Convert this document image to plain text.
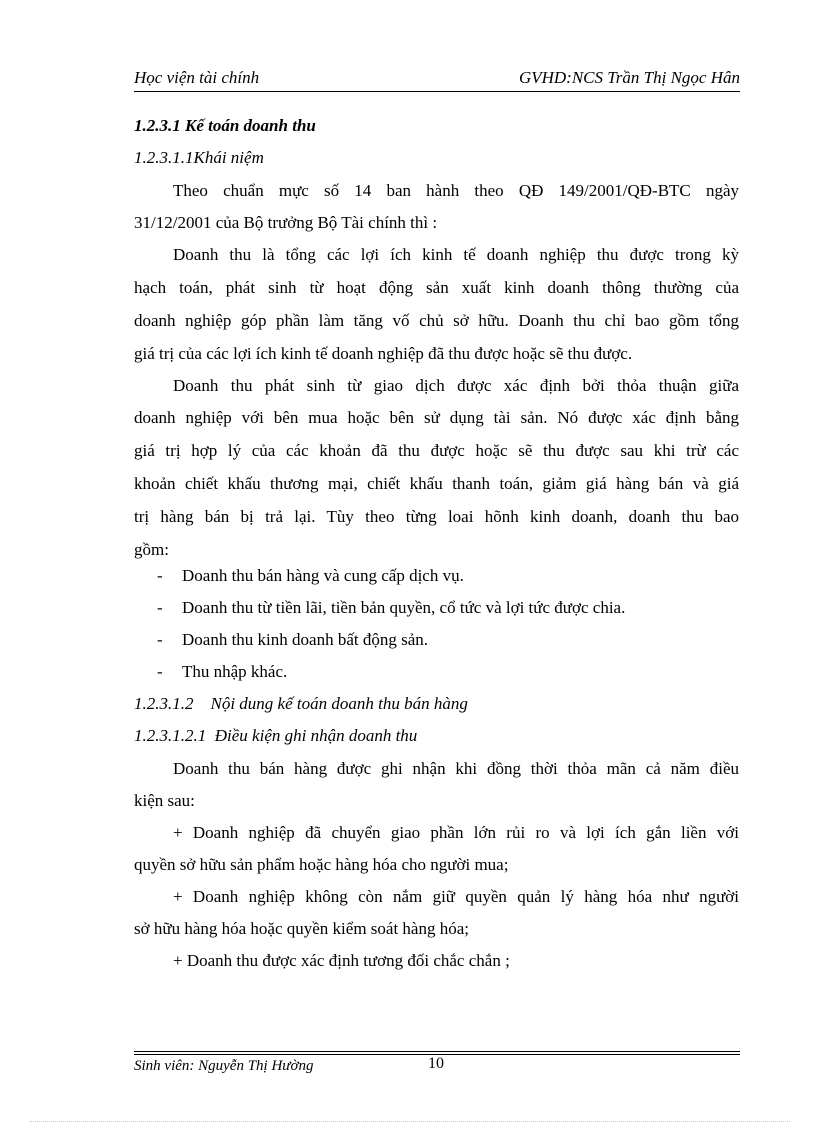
Học viện tài chính	GVHD:NCS Trần Thị Ngọc Hân
1.2.3.1 Kế toán doanh thu
1.2.3.1.1Khái niệm
Theo chuẩn mực số 14 ban hành theo QĐ 149/2001/QĐ-BTC ngày
31/12/2001 của Bộ trưởng Bộ Tài chính thì :
Doanh thu là tổng các lợi ích kinh tế doanh nghiệp thu được trong kỳ
hạch toán, phát sinh từ hoạt động sản xuất kinh doanh thông thường của
doanh nghiệp góp phần làm tăng vố chủ sở hữu. Doanh thu chỉ bao gồm tổng
giá trị của các lợi ích kinh tế doanh nghiệp đã thu được hoặc sẽ thu được.
Doanh thu phát sinh từ giao dịch được xác định bởi thỏa thuận giữa
doanh nghiệp với bên mua hoặc bên sử dụng tài sản. Nó được xác định bằng
giá trị hợp lý của các khoản đã thu được hoặc sẽ thu được sau khi trừ các
khoản chiết khấu thương mại, chiết khấu thanh toán, giảm giá hàng bán và giá
trị hàng bán bị trả lại. Tùy theo từng loai hõnh kinh doanh, doanh thu bao
gồm:
- Doanh thu bán hàng và cung cấp dịch vụ.
- Doanh thu từ tiền lãi, tiền bản quyền, cổ tức và lợi tức được chia.
- Doanh thu kinh doanh bất động sản.
- Thu nhập khác.
1.2.3.1.2    Nội dung kế toán doanh thu bán hàng
1.2.3.1.2.1  Điều kiện ghi nhận doanh thu
Doanh thu bán hàng được ghi nhận khi đồng thời thỏa mãn cả năm điều
kiện sau:
+ Doanh nghiệp đã chuyển giao phần lớn rủi ro và lợi ích gắn liền với
quyền sở hữu sản phẩm hoặc hàng hóa cho người mua;
+ Doanh nghiệp không còn nắm giữ quyền quản lý hàng hóa như người
sở hữu hàng hóa hoặc quyền kiểm soát hàng hóa;
+ Doanh thu được xác định tương đối chắc chắn ;
Sinh viên: Nguyễn Thị Hường	10
